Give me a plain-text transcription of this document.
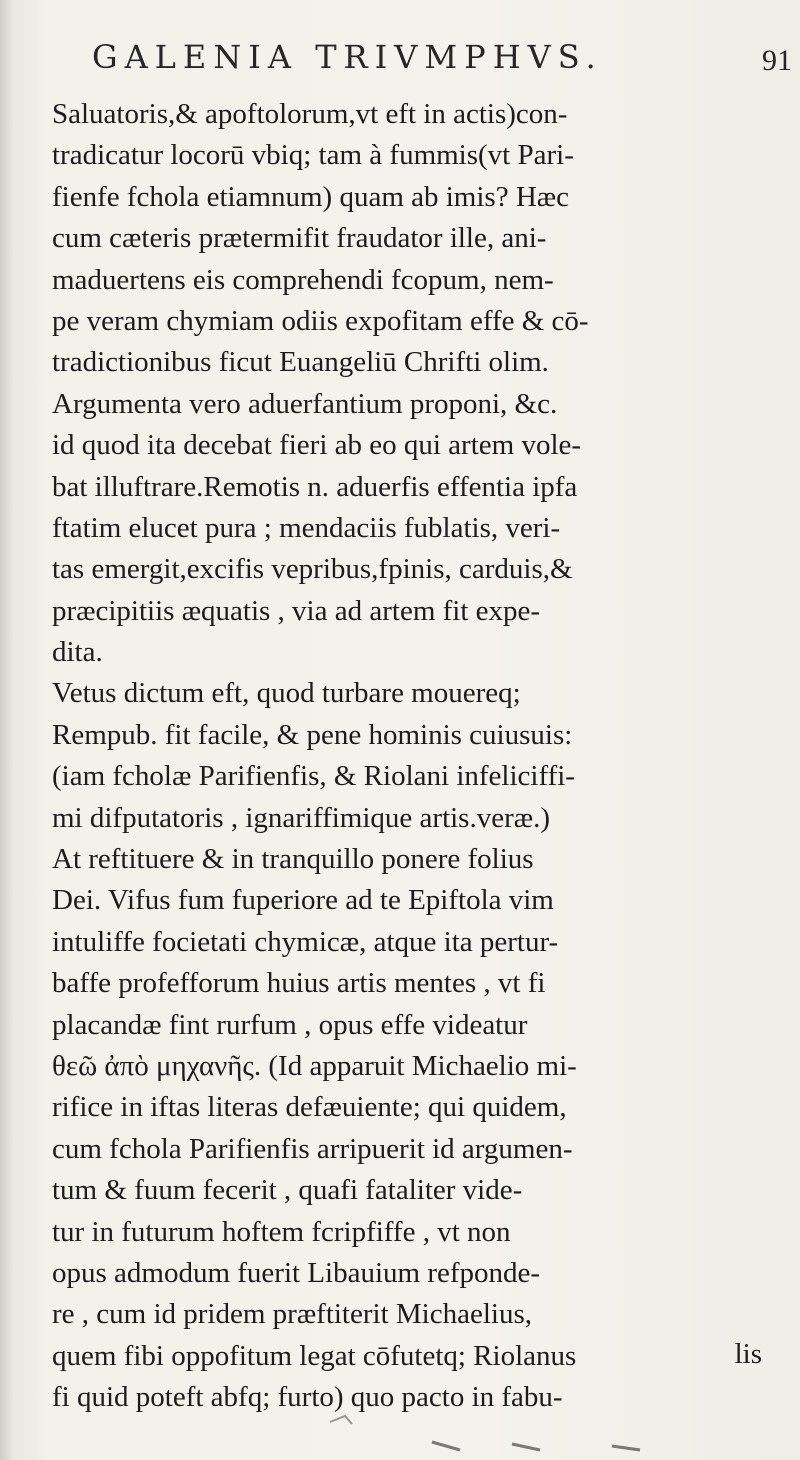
GALENIA TRIVMPHVS.	91
Saluatoris,& apoftolorum,vt eft in actis)con-
tradicatur locorū vbiq; tam à fummis(vt Pari-
fienfe fchola etiamnum) quam ab imis? Hæc
cum cæteris prætermifit fraudator ille, ani-
maduertens eis comprehendi fcopum, nem-
pe veram chymiam odiis expofitam effe & cō-
tradictionibus ficut Euangeliū Chrifti olim.
Argumenta vero aduerfantium proponi, &c.
id quod ita decebat fieri ab eo qui artem vole-
bat illuftrare.Remotis n. aduerfis effentia ipfa
ftatim elucet pura ; mendaciis fublatis, veri-
tas emergit,excifis vepribus,fpinis, carduis,&
præcipitiis æquatis , via ad artem fit expe-
dita.
Vetus dictum eft, quod turbare mouereq;
Rempub. fit facile, & pene hominis cuiusuis:
(iam fcholæ Parifienfis, & Riolani infeliciffi-
mi difputatoris , ignariffimique artis.veræ.)
At reftituere & in tranquillo ponere folius
Dei. Vifus fum fuperiore ad te Epiftola vim
intuliffe focietati chymicæ, atque ita pertur-
baffe profefforum huius artis mentes , vt fi
placandæ fint rurfum , opus effe videatur
θεῶ ἀπὸ μηχανῆς. (Id apparuit Michaelio mi-
rifice in iftas literas defæuiente; qui quidem,
cum fchola Parifienfis arripuerit id argumen-
tum & fuum fecerit , quafi fataliter vide-
tur in futurum hoftem fcripfiffe , vt non
opus admodum fuerit Libauium refponde-
re , cum id pridem præftiterit Michaelius,
quem fibi oppofitum legat cōfutetq; Riolanus
fi quid poteft abfq; furto) quo pacto in fabu-
lis
